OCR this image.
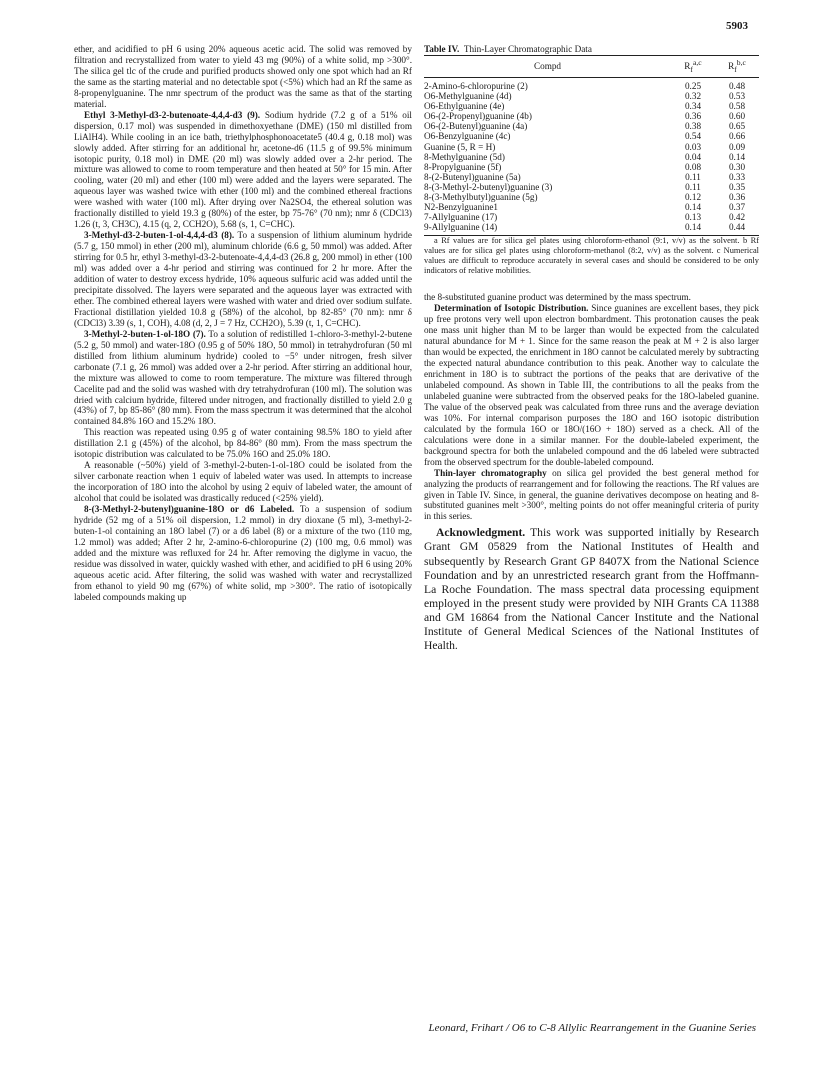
5903

ether, and acidified to pH 6 using 20% aqueous acetic acid. The solid was removed by filtration and recrystallized from water to yield 43 mg (90%) of a white solid, mp >300°. The silica gel tlc of the crude and purified products showed only one spot which had an Rf the same as the starting material and no detectable spot (<5%) which had an Rf the same as 8-propenylguanine. The nmr spectrum of the product was the same as that of the starting material.

Ethyl 3-Methyl-d3-2-butenoate-4,4,4-d3 (9). Sodium hydride (7.2 g of a 51% oil dispersion, 0.17 mol) was suspended in dimethoxyethane (DME) (150 ml distilled from LiAlH4). While cooling in an ice bath, triethylphosphonoacetate5 (40.4 g, 0.18 mol) was slowly added. After stirring for an additional hr, acetone-d6 (11.5 g of 99.5% minimum isotopic purity, 0.18 mol) in DME (20 ml) was slowly added over a 2-hr period. The mixture was allowed to come to room temperature and then heated at 50° for 15 min. After cooling, water (20 ml) and ether (100 ml) were added and the layers were separated. The aqueous layer was washed twice with ether (100 ml) and the combined ethereal fractions were washed with water (100 ml). After drying over Na2SO4, the ethereal solution was fractionally distilled to yield 19.3 g (80%) of the ester, bp 75-76° (70 nm); nmr δ (CDCl3) 1.26 (t, 3, CH3C), 4.15 (q, 2, CCH2O), 5.68 (s, 1, C=CHC).

3-Methyl-d3-2-buten-1-ol-4,4,4-d3 (8). To a suspension of lithium aluminum hydride (5.7 g, 150 mmol) in ether (200 ml), aluminum chloride (6.6 g, 50 mmol) was added. After stirring for 0.5 hr, ethyl 3-methyl-d3-2-butenoate-4,4,4-d3 (26.8 g, 200 mmol) in ether (100 ml) was added over a 4-hr period and stirring was continued for 2 hr more. After the addition of water to destroy excess hydride, 10% aqueous sulfuric acid was added until the precipitate dissolved. The layers were separated and the aqueous layer was extracted with ether. The combined ethereal layers were washed with water and dried over sodium sulfate. Fractional distillation yielded 10.8 g (58%) of the alcohol, bp 82-85° (70 nm): nmr δ (CDCl3) 3.39 (s, 1, COH), 4.08 (d, 2, J = 7 Hz, CCH2O), 5.39 (t, 1, C=CHC).

3-Methyl-2-buten-1-ol-18O (7). To a solution of redistilled 1-chloro-3-methyl-2-butene (5.2 g, 50 mmol) and water-18O (0.95 g of 50% 18O, 50 mmol) in tetrahydrofuran (50 ml distilled from lithium aluminum hydride) cooled to −5° under nitrogen, fresh silver carbonate (7.1 g, 26 mmol) was added over a 2-hr period. After stirring an additional hour, the mixture was allowed to come to room temperature. The mixture was filtered through Cacelite pad and the solid was washed with dry tetrahydrofuran (100 ml). The solution was dried with calcium hydride, filtered under nitrogen, and fractionally distilled to yield 2.0 g (43%) of 7, bp 85-86° (80 mm). From the mass spectrum it was determined that the alcohol contained 84.8% 16O and 15.2% 18O.

This reaction was repeated using 0.95 g of water containing 98.5% 18O to yield after distillation 2.1 g (45%) of the alcohol, bp 84-86° (80 mm). From the mass spectrum the isotopic distribution was calculated to be 75.0% 16O and 25.0% 18O.

A reasonable (~50%) yield of 3-methyl-2-buten-1-ol-18O could be isolated from the silver carbonate reaction when 1 equiv of labeled water was used. In attempts to increase the incorporation of 18O into the alcohol by using 2 equiv of labeled water, the amount of alcohol that could be isolated was drastically reduced (<25% yield).

8-(3-Methyl-2-butenyl)guanine-18O or d6 Labeled. To a suspension of sodium hydride (52 mg of a 51% oil dispersion, 1.2 mmol) in dry dioxane (5 ml), 3-methyl-2-buten-1-ol containing an 18O label (7) or a d6 label (8) or a mixture of the two (110 mg, 1.2 mmol) was added; After 2 hr, 2-amino-6-chloropurine (2) (100 mg, 0.6 mmol) was added and the mixture was refluxed for 24 hr. After removing the diglyme in vacuo, the residue was dissolved in water, quickly washed with ether, and acidified to pH 6 using 20% aqueous acetic acid. After filtering, the solid was washed with water and recrystallized from ethanol to yield 90 mg (67%) of white solid, mp >300°. The ratio of isotopically labeled compounds making up

Table IV. Thin-Layer Chromatographic Data

Compd	$R_f^{a,c}$	$R_f^{b,c}$
2-Amino-6-chloropurine (2)	0.25	0.48
O6-Methylguanine (4d)	0.32	0.53
O6-Ethylguanine (4e)	0.34	0.58
O6-(2-Propenyl)guanine (4b)	0.36	0.60
O6-(2-Butenyl)guanine (4a)	0.38	0.65
O6-Benzylguanine (4c)	0.54	0.66
Guanine (5, R = H)	0.03	0.09
8-Methylguanine (5d)	0.04	0.14
8-Propylguanine (5f)	0.08	0.30
8-(2-Butenyl)guanine (5a)	0.11	0.33
8-(3-Methyl-2-butenyl)guanine (3)	0.11	0.35
8-(3-Methylbutyl)guanine (5g)	0.12	0.36
N2-Benzylguanine1	0.14	0.37
7-Allylguanine (17)	0.13	0.42
9-Allylguanine (14)	0.14	0.44

a Rf values are for silica gel plates using chloroform-ethanol (9:1, v/v) as the solvent. b Rf values are for silica gel plates using chloroform-methanol (8:2, v/v) as the solvent. c Numerical values are difficult to reproduce accurately in several cases and should be considered to be only indicators of relative mobilities.

the 8-substituted guanine product was determined by the mass spectrum.

Determination of Isotopic Distribution. Since guanines are excellent bases, they pick up free protons very well upon electron bombardment. This protonation causes the peak one mass unit higher than M to be larger than would be expected from the calculated natural abundance for M + 1. Since for the same reason the peak at M + 2 is also larger than would be expected, the enrichment in 18O cannot be calculated merely by subtracting the expected natural abundance contribution to this peak. Another way to calculate the enrichment in 18O is to subtract the portions of the peaks that are derivative of the unlabeled compound. As shown in Table III, the contributions to all the peaks from the unlabeled guanine were subtracted from the observed peaks for the 18O-labeled guanine. The value of the observed peak was calculated from three runs and the average deviation was 10%. For internal comparison purposes the 18O and 16O isotopic distribution calculated by the formula 16O or 18O/(16O + 18O) served as a check. All of the calculations were done in a similar manner. For the double-labeled experiment, the background spectra for both the unlabeled compound and the d6 labeled were subtracted from the observed spectrum for the double-labeled compound.

Thin-layer chromatography on silica gel provided the best general method for analyzing the products of rearrangement and for following the reactions. The Rf values are given in Table IV. Since, in general, the guanine derivatives decompose on heating and 8-substituted guanines melt >300°, melting points do not offer meaningful criteria of purity in this series.

Acknowledgment. This work was supported initially by Research Grant GM 05829 from the National Institutes of Health and subsequently by Research Grant GP 8407X from the National Science Foundation and by an unrestricted research grant from the Hoffmann-La Roche Foundation. The mass spectral data processing equipment employed in the present study were provided by NIH Grants CA 11388 and GM 16864 from the National Cancer Institute and the National Institute of General Medical Sciences of the National Institutes of Health.

Leonard, Frihart / O6 to C-8 Allylic Rearrangement in the Guanine Series
